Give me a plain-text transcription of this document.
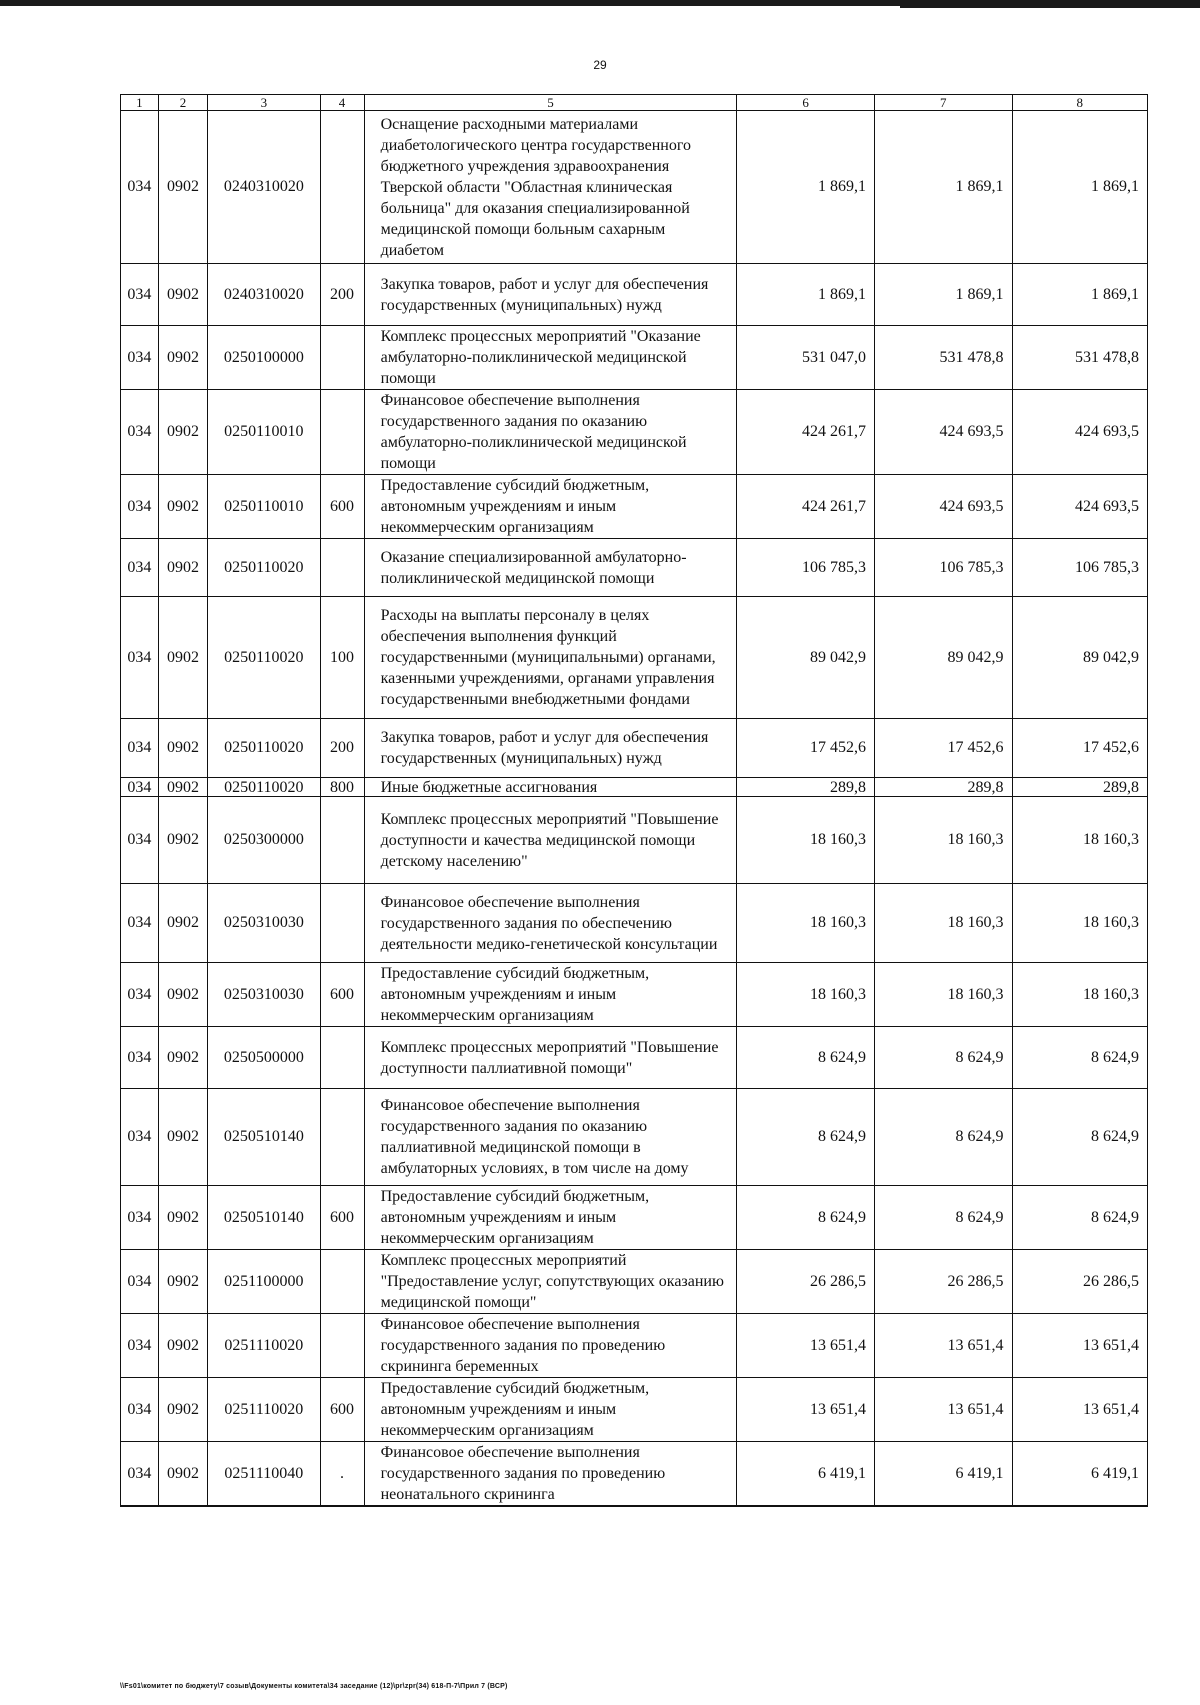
29
1	2	3	4	5	6	7	8
034	0902	0240310020		Оснащение расходными материалами диабетологического центра государственного бюджетного учреждения здравоохранения Тверской области "Областная клиническая больница" для оказания специализированной медицинской помощи больным сахарным диабетом	1 869,1	1 869,1	1 869,1
034	0902	0240310020	200	Закупка товаров, работ и услуг для обеспечения государственных (муниципальных) нужд	1 869,1	1 869,1	1 869,1
034	0902	0250100000		Комплекс процессных мероприятий "Оказание амбулаторно-поликлинической медицинской помощи	531 047,0	531 478,8	531 478,8
034	0902	0250110010		Финансовое обеспечение выполнения государственного задания по оказанию амбулаторно-поликлинической медицинской помощи	424 261,7	424 693,5	424 693,5
034	0902	0250110010	600	Предоставление субсидий бюджетным, автономным учреждениям и иным некоммерческим организациям	424 261,7	424 693,5	424 693,5
034	0902	0250110020		Оказание специализированной амбулаторно-поликлинической медицинской помощи	106 785,3	106 785,3	106 785,3
034	0902	0250110020	100	Расходы на выплаты персоналу в целях обеспечения выполнения функций государственными (муниципальными) органами, казенными учреждениями, органами управления государственными внебюджетными фондами	89 042,9	89 042,9	89 042,9
034	0902	0250110020	200	Закупка товаров, работ и услуг для обеспечения государственных (муниципальных) нужд	17 452,6	17 452,6	17 452,6
034	0902	0250110020	800	Иные бюджетные ассигнования	289,8	289,8	289,8
034	0902	0250300000		Комплекс процессных мероприятий "Повышение доступности и качества медицинской помощи детскому населению"	18 160,3	18 160,3	18 160,3
034	0902	0250310030		Финансовое обеспечение выполнения государственного задания по обеспечению деятельности медико-генетической консультации	18 160,3	18 160,3	18 160,3
034	0902	0250310030	600	Предоставление субсидий бюджетным, автономным учреждениям и иным некоммерческим организациям	18 160,3	18 160,3	18 160,3
034	0902	0250500000		Комплекс процессных мероприятий "Повышение доступности паллиативной помощи"	8 624,9	8 624,9	8 624,9
034	0902	0250510140		Финансовое обеспечение выполнения государственного задания по оказанию паллиативной медицинской помощи в амбулаторных условиях, в том числе на дому	8 624,9	8 624,9	8 624,9
034	0902	0250510140	600	Предоставление субсидий бюджетным, автономным учреждениям и иным некоммерческим организациям	8 624,9	8 624,9	8 624,9
034	0902	0251100000		Комплекс процессных мероприятий "Предоставление услуг, сопутствующих оказанию медицинской помощи"	26 286,5	26 286,5	26 286,5
034	0902	0251110020		Финансовое обеспечение выполнения государственного задания по проведению скрининга беременных	13 651,4	13 651,4	13 651,4
034	0902	0251110020	600	Предоставление субсидий бюджетным, автономным учреждениям и иным некоммерческим организациям	13 651,4	13 651,4	13 651,4
034	0902	0251110040	.	Финансовое обеспечение выполнения государственного задания по проведению неонатального скрининга	6 419,1	6 419,1	6 419,1
\\Fs01\комитет по бюджету\7 созыв\Документы комитета\34 заседание (12)\pr\zpr(34) 618-П-7\Прил 7 (ВСР)
